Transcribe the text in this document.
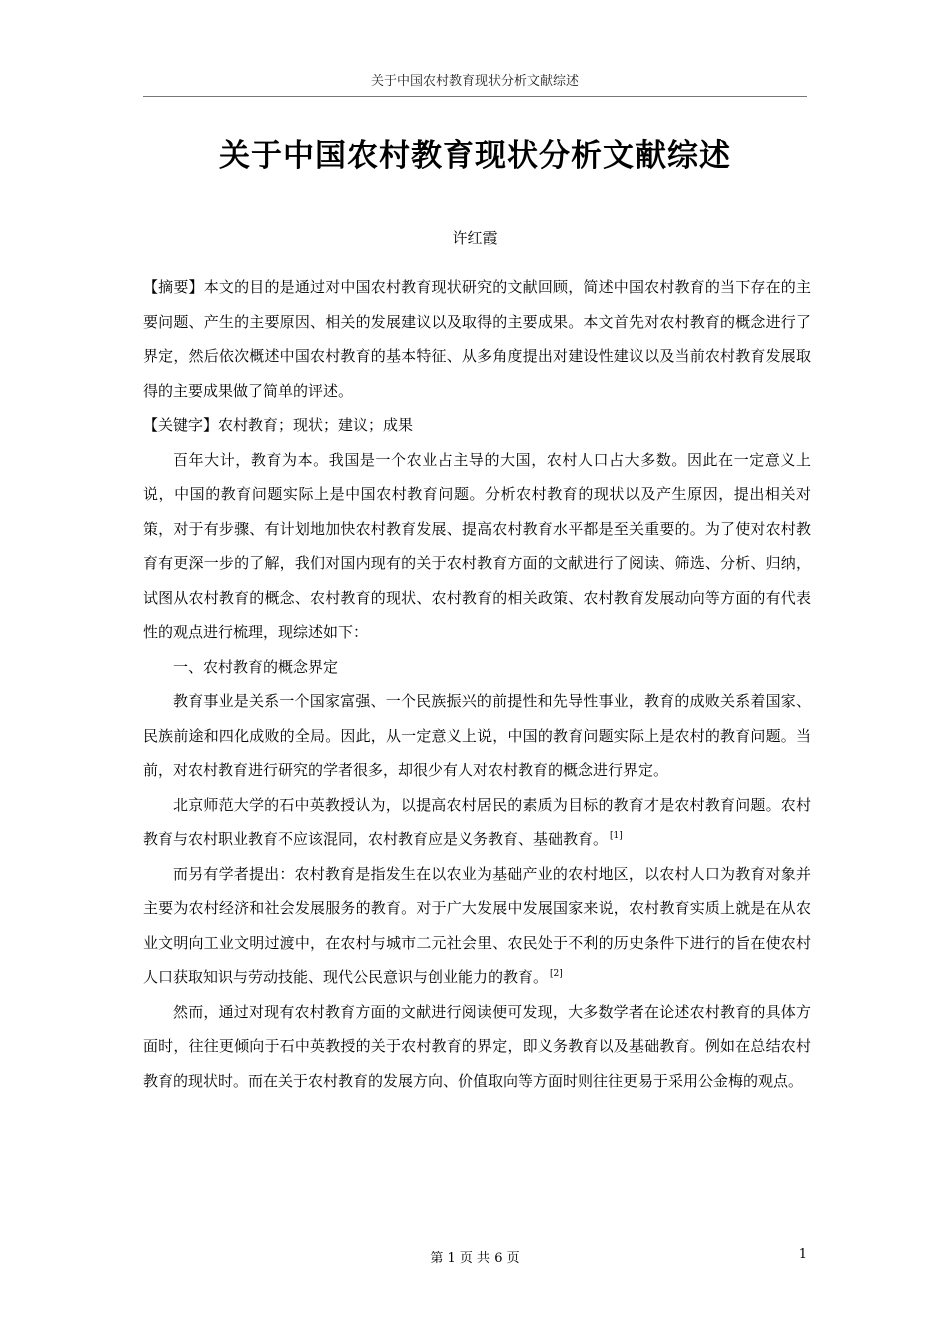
关于中国农村教育现状分析文献综述
关于中国农村教育现状分析文献综述
许红霞

【摘要】本文的目的是通过对中国农村教育现状研究的文献回顾，简述中国农村教育的当下存在的主要问题、产生的主要原因、相关的发展建议以及取得的主要成果。本文首先对农村教育的概念进行了界定，然后依次概述中国农村教育的基本特征、从多角度提出对建设性建议以及当前农村教育发展取得的主要成果做了简单的评述。

【关键字】农村教育；现状；建议；成果

百年大计，教育为本。我国是一个农业占主导的大国，农村人口占大多数。因此在一定意义上说，中国的教育问题实际上是中国农村教育问题。分析农村教育的现状以及产生原因，提出相关对策，对于有步骤、有计划地加快农村教育发展、提高农村教育水平都是至关重要的。为了使对农村教育有更深一步的了解，我们对国内现有的关于农村教育方面的文献进行了阅读、筛选、分析、归纳，试图从农村教育的概念、农村教育的现状、农村教育的相关政策、农村教育发展动向等方面的有代表性的观点进行梳理，现综述如下：

一、农村教育的概念界定

教育事业是关系一个国家富强、一个民族振兴的前提性和先导性事业，教育的成败关系着国家、民族前途和四化成败的全局。因此，从一定意义上说，中国的教育问题实际上是农村的教育问题。当前，对农村教育进行研究的学者很多，却很少有人对农村教育的概念进行界定。

北京师范大学的石中英教授认为，以提高农村居民的素质为目标的教育才是农村教育问题。农村教育与农村职业教育不应该混同，农村教育应是义务教育、基础教育。 [1]

而另有学者提出：农村教育是指发生在以农业为基础产业的农村地区，以农村人口为教育对象并主要为农村经济和社会发展服务的教育。对于广大发展中发展国家来说，农村教育实质上就是在从农业文明向工业文明过渡中，在农村与城市二元社会里、农民处于不利的历史条件下进行的旨在使农村人口获取知识与劳动技能、现代公民意识与创业能力的教育。 [2]

然而，通过对现有农村教育方面的文献进行阅读便可发现，大多数学者在论述农村教育的具体方面时，往往更倾向于石中英教授的关于农村教育的界定，即义务教育以及基础教育。例如在总结农村教育的现状时。而在关于农村教育的发展方向、价值取向等方面时则往往更易于采用公金梅的观点。

第 1 页 共 6 页	1
